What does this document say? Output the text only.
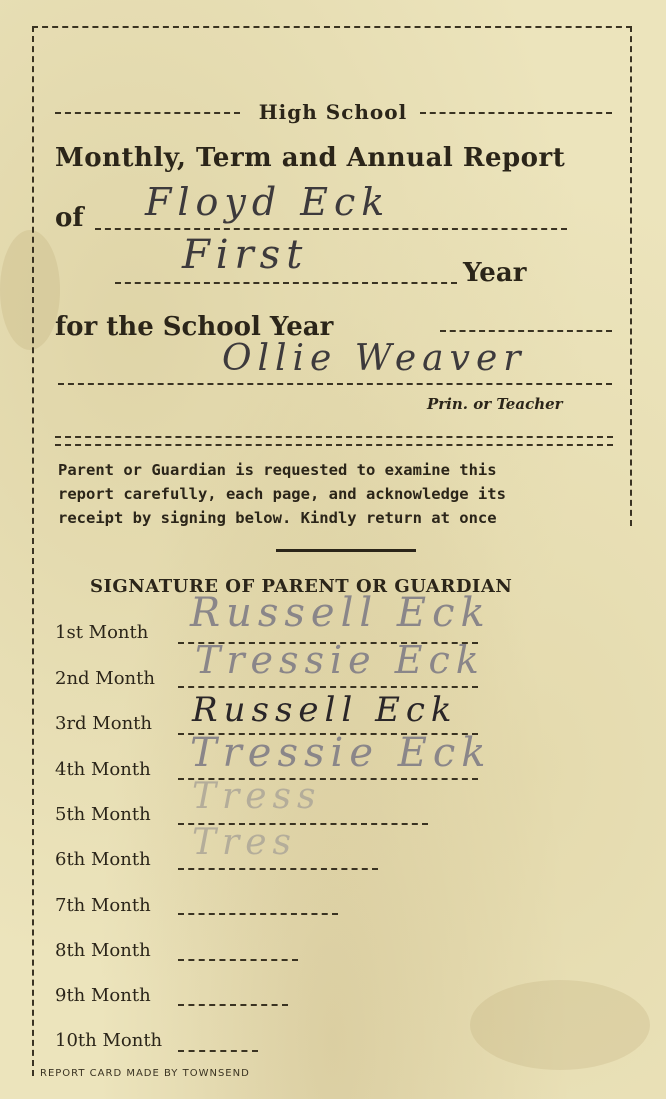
High School
Monthly, Term and Annual Report
of Floyd Eck
First	Year
for the School Year
Ollie Weaver
Prin. or Teacher
Parent or Guardian is requested to examine this
report carefully, each page, and acknowledge its
receipt by signing below. Kindly return at once
SIGNATURE OF PARENT OR GUARDIAN
1st Month Russell Eck
2nd Month Tressie Eck
3rd Month Russell Eck
4th Month Tressie Eck
5th Month Tress
6th Month Tres
7th Month
8th Month
9th Month
10th Month
REPORT CARD MADE BY TOWNSEND
